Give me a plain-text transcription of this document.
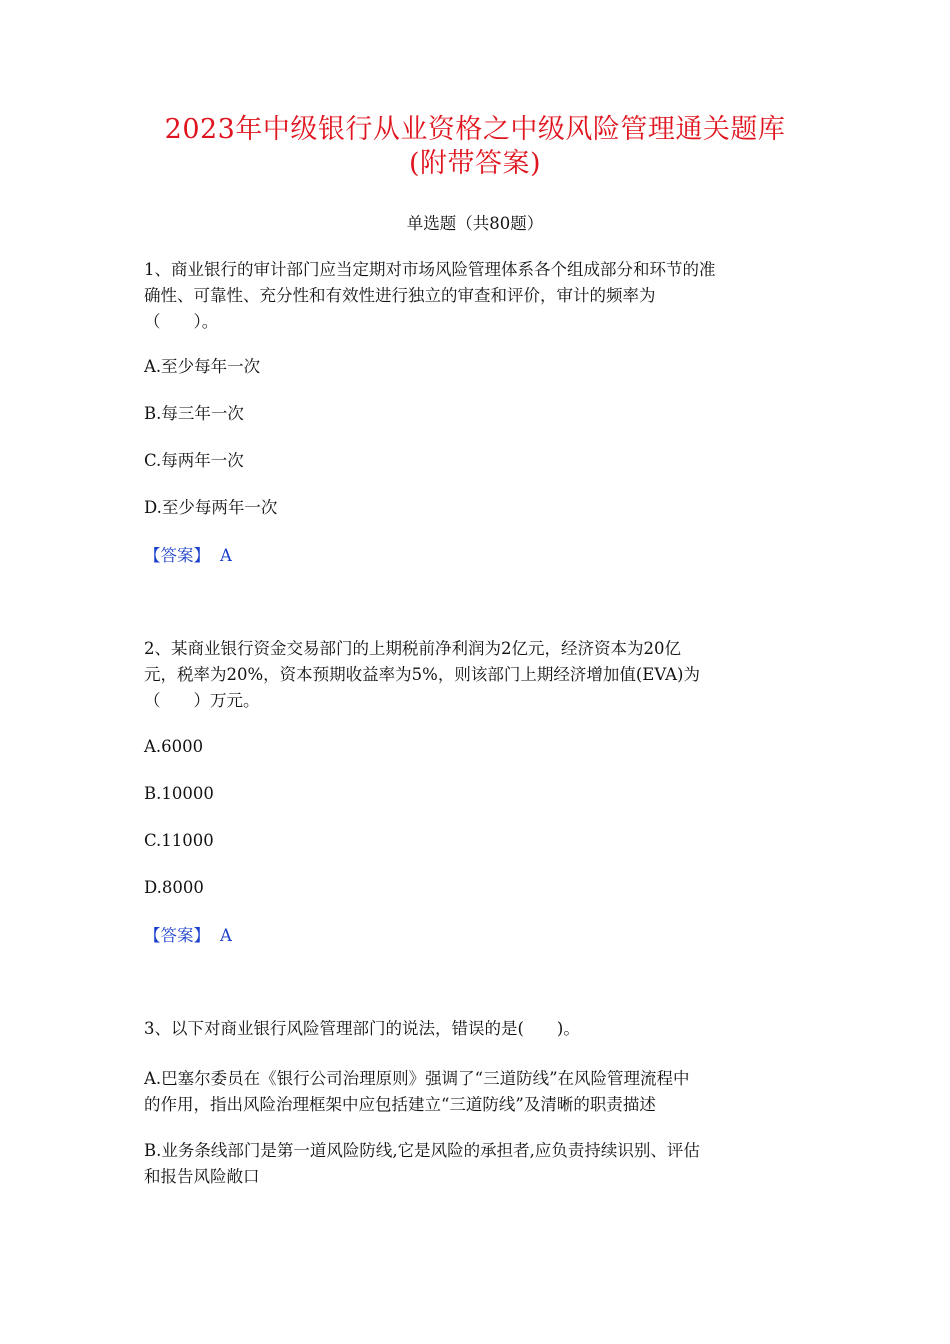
2023年中级银行从业资格之中级风险管理通关题库
(附带答案)
单选题（共80题）
1、商业银行的审计部门应当定期对市场风险管理体系各个组成部分和环节的准
确性、可靠性、充分性和有效性进行独立的审查和评价，审计的频率为
（　　）。
A.至少每年一次
B.每三年一次
C.每两年一次
D.至少每两年一次
【答案】 A
2、某商业银行资金交易部门的上期税前净利润为2亿元，经济资本为20亿
元，税率为20%，资本预期收益率为5%，则该部门上期经济增加值(EVA)为
（　　）万元。
A.6000
B.10000
C.11000
D.8000
【答案】 A
3、以下对商业银行风险管理部门的说法，错误的是(　　)。
A.巴塞尔委员在《银行公司治理原则》强调了“三道防线”在风险管理流程中
的作用，指出风险治理框架中应包括建立“三道防线”及清晰的职责描述
B.业务条线部门是第一道风险防线,它是风险的承担者,应负责持续识别、评估
和报告风险敞口
